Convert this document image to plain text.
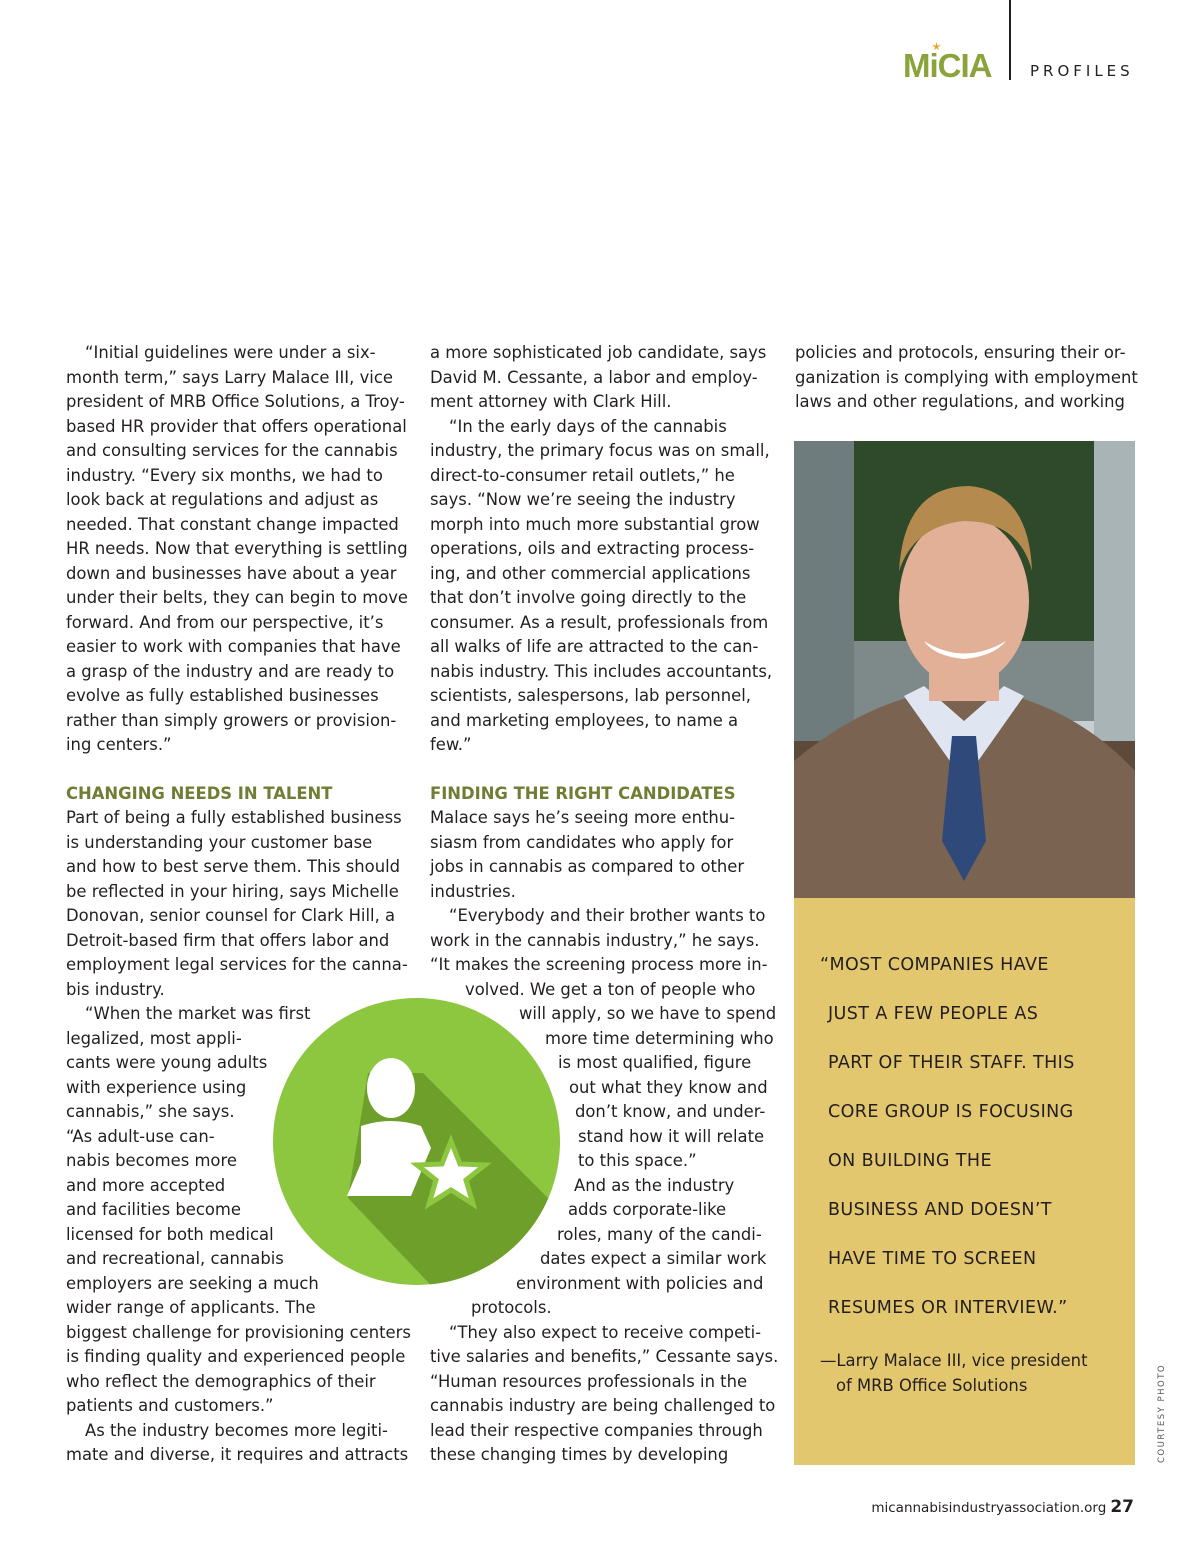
MiCIA	PROFILES

“Initial guidelines were under a six-
month term,” says Larry Malace III, vice
president of MRB Office Solutions, a Troy-
based HR provider that offers operational
and consulting services for the cannabis
industry. “Every six months, we had to
look back at regulations and adjust as
needed. That constant change impacted
HR needs. Now that everything is settling
down and businesses have about a year
under their belts, they can begin to move
forward. And from our perspective, it’s
easier to work with companies that have
a grasp of the industry and are ready to
evolve as fully established businesses
rather than simply growers or provision-
ing centers.”

CHANGING NEEDS IN TALENT

Part of being a fully established business
is understanding your customer base
and how to best serve them. This should
be reflected in your hiring, says Michelle
Donovan, senior counsel for Clark Hill, a
Detroit-based firm that offers labor and
employment legal services for the canna-
bis industry.

“When the market was first
legalized, most appli-
cants were young adults
with experience using
cannabis,” she says.
“As adult-use can-
nabis becomes more
and more accepted
and facilities become
licensed for both medical
and recreational, cannabis
employers are seeking a much
wider range of applicants. The
biggest challenge for provisioning centers
is finding quality and experienced people
who reflect the demographics of their
patients and customers.”

As the industry becomes more legiti-
mate and diverse, it requires and attracts

a more sophisticated job candidate, says
David M. Cessante, a labor and employ-
ment attorney with Clark Hill.

“In the early days of the cannabis
industry, the primary focus was on small,
direct-to-consumer retail outlets,” he
says. “Now we’re seeing the industry
morph into much more substantial grow
operations, oils and extracting process-
ing, and other commercial applications
that don’t involve going directly to the
consumer. As a result, professionals from
all walks of life are attracted to the can-
nabis industry. This includes accountants,
scientists, salespersons, lab personnel,
and marketing employees, to name a
few.”

FINDING THE RIGHT CANDIDATES

Malace says he’s seeing more enthu-
siasm from candidates who apply for
jobs in cannabis as compared to other
industries.

“Everybody and their brother wants to
work in the cannabis industry,” he says.
“It makes the screening process more in-
volved. We get a ton of people who
will apply, so we have to spend
more time determining who
is most qualified, figure
out what they know and
don’t know, and under-
stand how it will relate
to this space.”

And as the industry
adds corporate-like
roles, many of the candi-
dates expect a similar work
environment with policies and
protocols.

“They also expect to receive competi-
tive salaries and benefits,” Cessante says.
“Human resources professionals in the
cannabis industry are being challenged to
lead their respective companies through
these changing times by developing

policies and protocols, ensuring their or-
ganization is complying with employment
laws and other regulations, and working

“MOST COMPANIES HAVE
JUST A FEW PEOPLE AS
PART OF THEIR STAFF. THIS
CORE GROUP IS FOCUSING
ON BUILDING THE
BUSINESS AND DOESN’T
HAVE TIME TO SCREEN
RESUMES OR INTERVIEW.”
—Larry Malace III, vice president
of MRB Office Solutions	COURTESY PHOTO
micannabisindustryassociation.org 27
